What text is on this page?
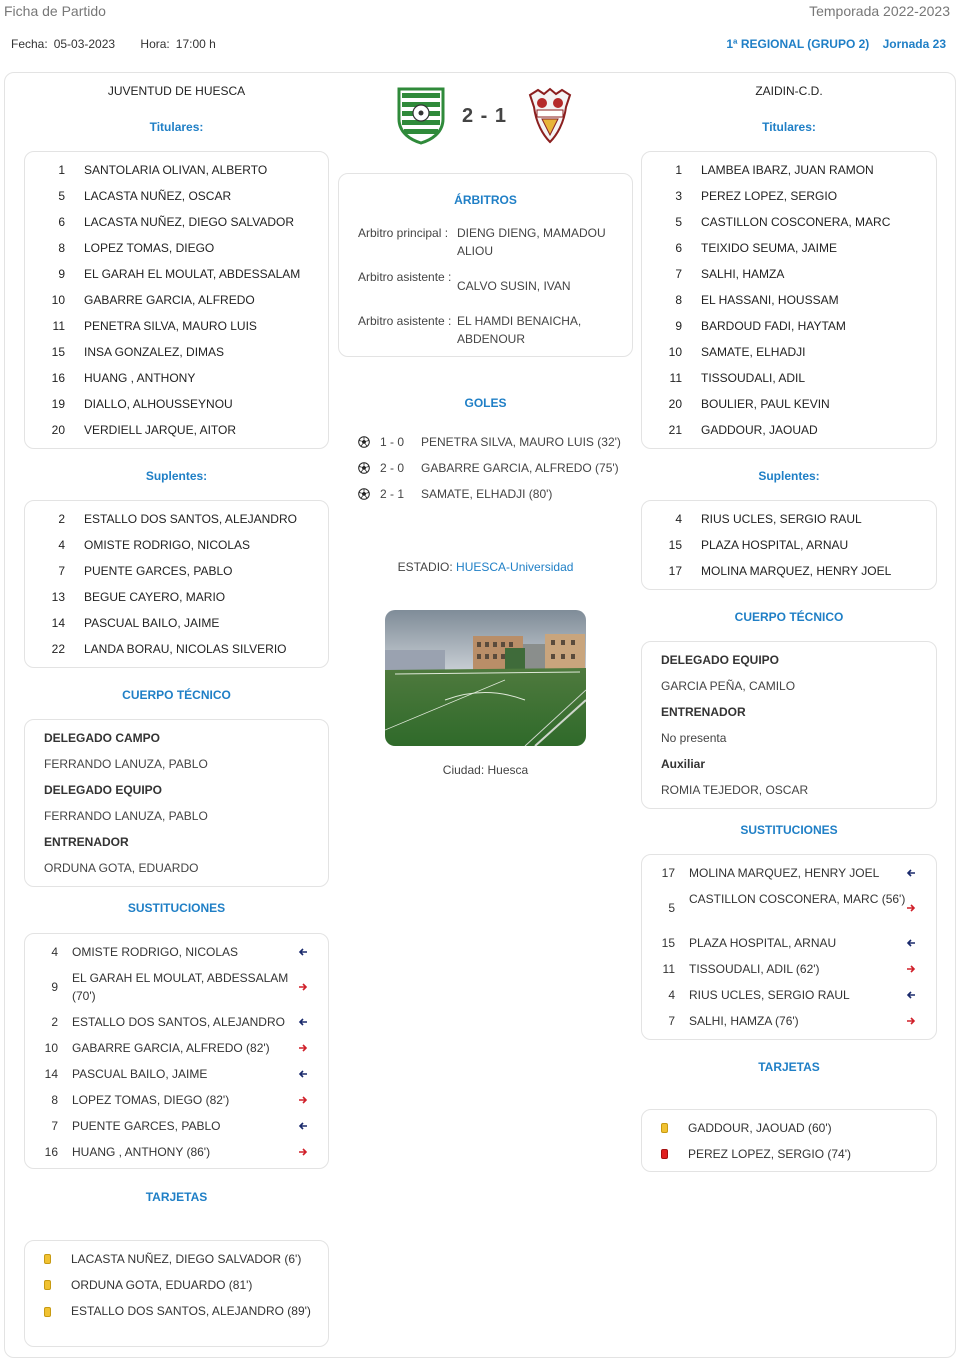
Ficha de Partido	Temporada 2022-2023
Fecha: 05-03-2023 Hora: 17:00 h	1ª REGIONAL (GRUPO 2) Jornada 23
JUVENTUD DE HUESCA
Titulares:
1 SANTOLARIA OLIVAN, ALBERTO
5 LACASTA NUÑEZ, OSCAR
6 LACASTA NUÑEZ, DIEGO SALVADOR
8 LOPEZ TOMAS, DIEGO
9 EL GARAH EL MOULAT, ABDESSALAM
10 GABARRE GARCIA, ALFREDO
11 PENETRA SILVA, MAURO LUIS
15 INSA GONZALEZ, DIMAS
16 HUANG , ANTHONY
19 DIALLO, ALHOUSSEYNOU
20 VERDIELL JARQUE, AITOR
Suplentes:
2 ESTALLO DOS SANTOS, ALEJANDRO
4 OMISTE RODRIGO, NICOLAS
7 PUENTE GARCES, PABLO
13 BEGUE CAYERO, MARIO
14 PASCUAL BAILO, JAIME
22 LANDA BORAU, NICOLAS SILVERIO
CUERPO TÉCNICO
DELEGADO CAMPO
FERRANDO LANUZA, PABLO
DELEGADO EQUIPO
FERRANDO LANUZA, PABLO
ENTRENADOR
ORDUNA GOTA, EDUARDO
SUSTITUCIONES
4 OMISTE RODRIGO, NICOLAS
9
EL GARAH EL MOULAT, ABDESSALAM (70')
2 ESTALLO DOS SANTOS, ALEJANDRO
10 GABARRE GARCIA, ALFREDO (82')
14 PASCUAL BAILO, JAIME
8 LOPEZ TOMAS, DIEGO (82')
7 PUENTE GARCES, PABLO
16 HUANG , ANTHONY (86')
TARJETAS
LACASTA NUÑEZ, DIEGO SALVADOR (6')
ORDUNA GOTA, EDUARDO (81')
ESTALLO DOS SANTOS, ALEJANDRO (89')
2 - 1
ÁRBITROS
Arbitro principal : DIENG DIENG, MAMADOU ALIOU
Arbitro asistente :
CALVO SUSIN, IVAN
Arbitro asistente : EL HAMDI BENAICHA, ABDENOUR
GOLES
1 - 0 PENETRA SILVA, MAURO LUIS (32')
2 - 0 GABARRE GARCIA, ALFREDO (75')
2 - 1 SAMATE, ELHADJI (80')
ESTADIO: HUESCA-Universidad
Ciudad: Huesca
ZAIDIN-C.D.
Titulares:
1 LAMBEA IBARZ, JUAN RAMON
3 PEREZ LOPEZ, SERGIO
5 CASTILLON COSCONERA, MARC
6 TEIXIDO SEUMA, JAIME
7 SALHI, HAMZA
8 EL HASSANI, HOUSSAM
9 BARDOUD FADI, HAYTAM
10 SAMATE, ELHADJI
11 TISSOUDALI, ADIL
20 BOULIER, PAUL KEVIN
21 GADDOUR, JAOUAD
Suplentes:
4 RIUS UCLES, SERGIO RAUL
15 PLAZA HOSPITAL, ARNAU
17 MOLINA MARQUEZ, HENRY JOEL
CUERPO TÉCNICO
DELEGADO EQUIPO
GARCIA PEÑA, CAMILO
ENTRENADOR
No presenta
Auxiliar
ROMIA TEJEDOR, OSCAR
SUSTITUCIONES
17 MOLINA MARQUEZ, HENRY JOEL
5
CASTILLON COSCONERA, MARC (56')
15 PLAZA HOSPITAL, ARNAU
11 TISSOUDALI, ADIL (62')
4 RIUS UCLES, SERGIO RAUL
7 SALHI, HAMZA (76')
TARJETAS
GADDOUR, JAOUAD (60')
PEREZ LOPEZ, SERGIO (74')
